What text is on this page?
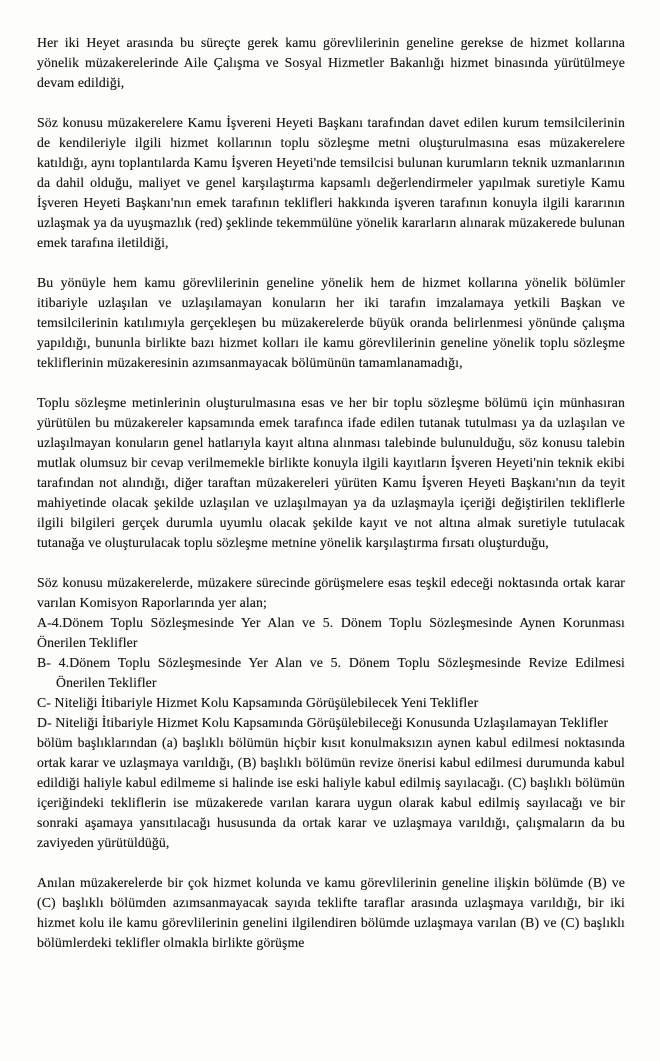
Her iki Heyet arasında bu süreçte gerek kamu görevlilerinin geneline gerekse de hizmet kollarına yönelik müzakerelerinde Aile Çalışma ve Sosyal Hizmetler Bakanlığı hizmet binasında yürütülmeye devam edildiği,

Söz konusu müzakerelere Kamu İşvereni Heyeti Başkanı tarafından davet edilen kurum temsilcilerinin de kendileriyle ilgili hizmet kollarının toplu sözleşme metni oluşturulmasına esas müzakerelere katıldığı, aynı toplantılarda Kamu İşveren Heyeti'nde temsilcisi bulunan kurumların teknik uzmanlarının da dahil olduğu, maliyet ve genel karşılaştırma kapsamlı değerlendirmeler yapılmak suretiyle Kamu İşveren Heyeti Başkanı'nın emek tarafının teklifleri hakkında işveren tarafının konuyla ilgili kararının uzlaşmak ya da uyuşmazlık (red) şeklinde tekemmülüne yönelik kararların alınarak müzakerede bulunan emek tarafına iletildiği,

Bu yönüyle hem kamu görevlilerinin geneline yönelik hem de hizmet kollarına yönelik bölümler itibariyle uzlaşılan ve uzlaşılamayan konuların her iki tarafın imzalamaya yetkili Başkan ve temsilcilerinin katılımıyla gerçekleşen bu müzakerelerde büyük oranda belirlenmesi yönünde çalışma yapıldığı, bununla birlikte bazı hizmet kolları ile kamu görevlilerinin geneline yönelik toplu sözleşme tekliflerinin müzakeresinin azımsanmayacak bölümünün tamamlanamadığı,

Toplu sözleşme metinlerinin oluşturulmasına esas ve her bir toplu sözleşme bölümü için münhasıran yürütülen bu müzakereler kapsamında emek tarafınca ifade edilen tutanak tutulması ya da uzlaşılan ve uzlaşılmayan konuların genel hatlarıyla kayıt altına alınması talebinde bulunulduğu, söz konusu talebin mutlak olumsuz bir cevap verilmemekle birlikte konuyla ilgili kayıtların İşveren Heyeti'nin teknik ekibi tarafından not alındığı, diğer taraftan müzakereleri yürüten Kamu İşveren Heyeti Başkanı'nın da teyit mahiyetinde olacak şekilde uzlaşılan ve uzlaşılmayan ya da uzlaşmayla içeriği değiştirilen tekliflerle ilgili bilgileri gerçek durumla uyumlu olacak şekilde kayıt ve not altına almak suretiyle tutulacak tutanağa ve oluşturulacak toplu sözleşme metnine yönelik karşılaştırma fırsatı oluşturduğu,

Söz konusu müzakerelerde, müzakere sürecinde görüşmelere esas teşkil edeceği noktasında ortak karar varılan Komisyon Raporlarında yer alan;

A-4.Dönem Toplu Sözleşmesinde Yer Alan ve 5. Dönem Toplu Sözleşmesinde Aynen Korunması Önerilen Teklifler

B- 4.Dönem Toplu Sözleşmesinde Yer Alan ve 5. Dönem Toplu Sözleşmesinde Revize Edilmesi Önerilen Teklifler

C- Niteliği İtibariyle Hizmet Kolu Kapsamında Görüşülebilecek Yeni Teklifler

D- Niteliği İtibariyle Hizmet Kolu Kapsamında Görüşülebileceği Konusunda Uzlaşılamayan Teklifler

bölüm başlıklarından (a) başlıklı bölümün hiçbir kısıt konulmaksızın aynen kabul edilmesi noktasında ortak karar ve uzlaşmaya varıldığı, (B) başlıklı bölümün revize önerisi kabul edilmesi durumunda kabul edildiği haliyle kabul edilmeme si halinde ise eski haliyle kabul edilmiş sayılacağı. (C) başlıklı bölümün içeriğindeki tekliflerin ise müzakerede varılan karara uygun olarak kabul edilmiş sayılacağı ve bir sonraki aşamaya yansıtılacağı hususunda da ortak karar ve uzlaşmaya varıldığı, çalışmaların da bu zaviyeden yürütüldüğü,

Anılan müzakerelerde bir çok hizmet kolunda ve kamu görevlilerinin geneline ilişkin bölümde (B) ve (C) başlıklı bölümden azımsanmayacak sayıda teklifte taraflar arasında uzlaşmaya varıldığı, bir iki hizmet kolu ile kamu görevlilerinin genelini ilgilendiren bölümde uzlaşmaya varılan (B) ve (C) başlıklı bölümlerdeki teklifler olmakla birlikte görüşme
